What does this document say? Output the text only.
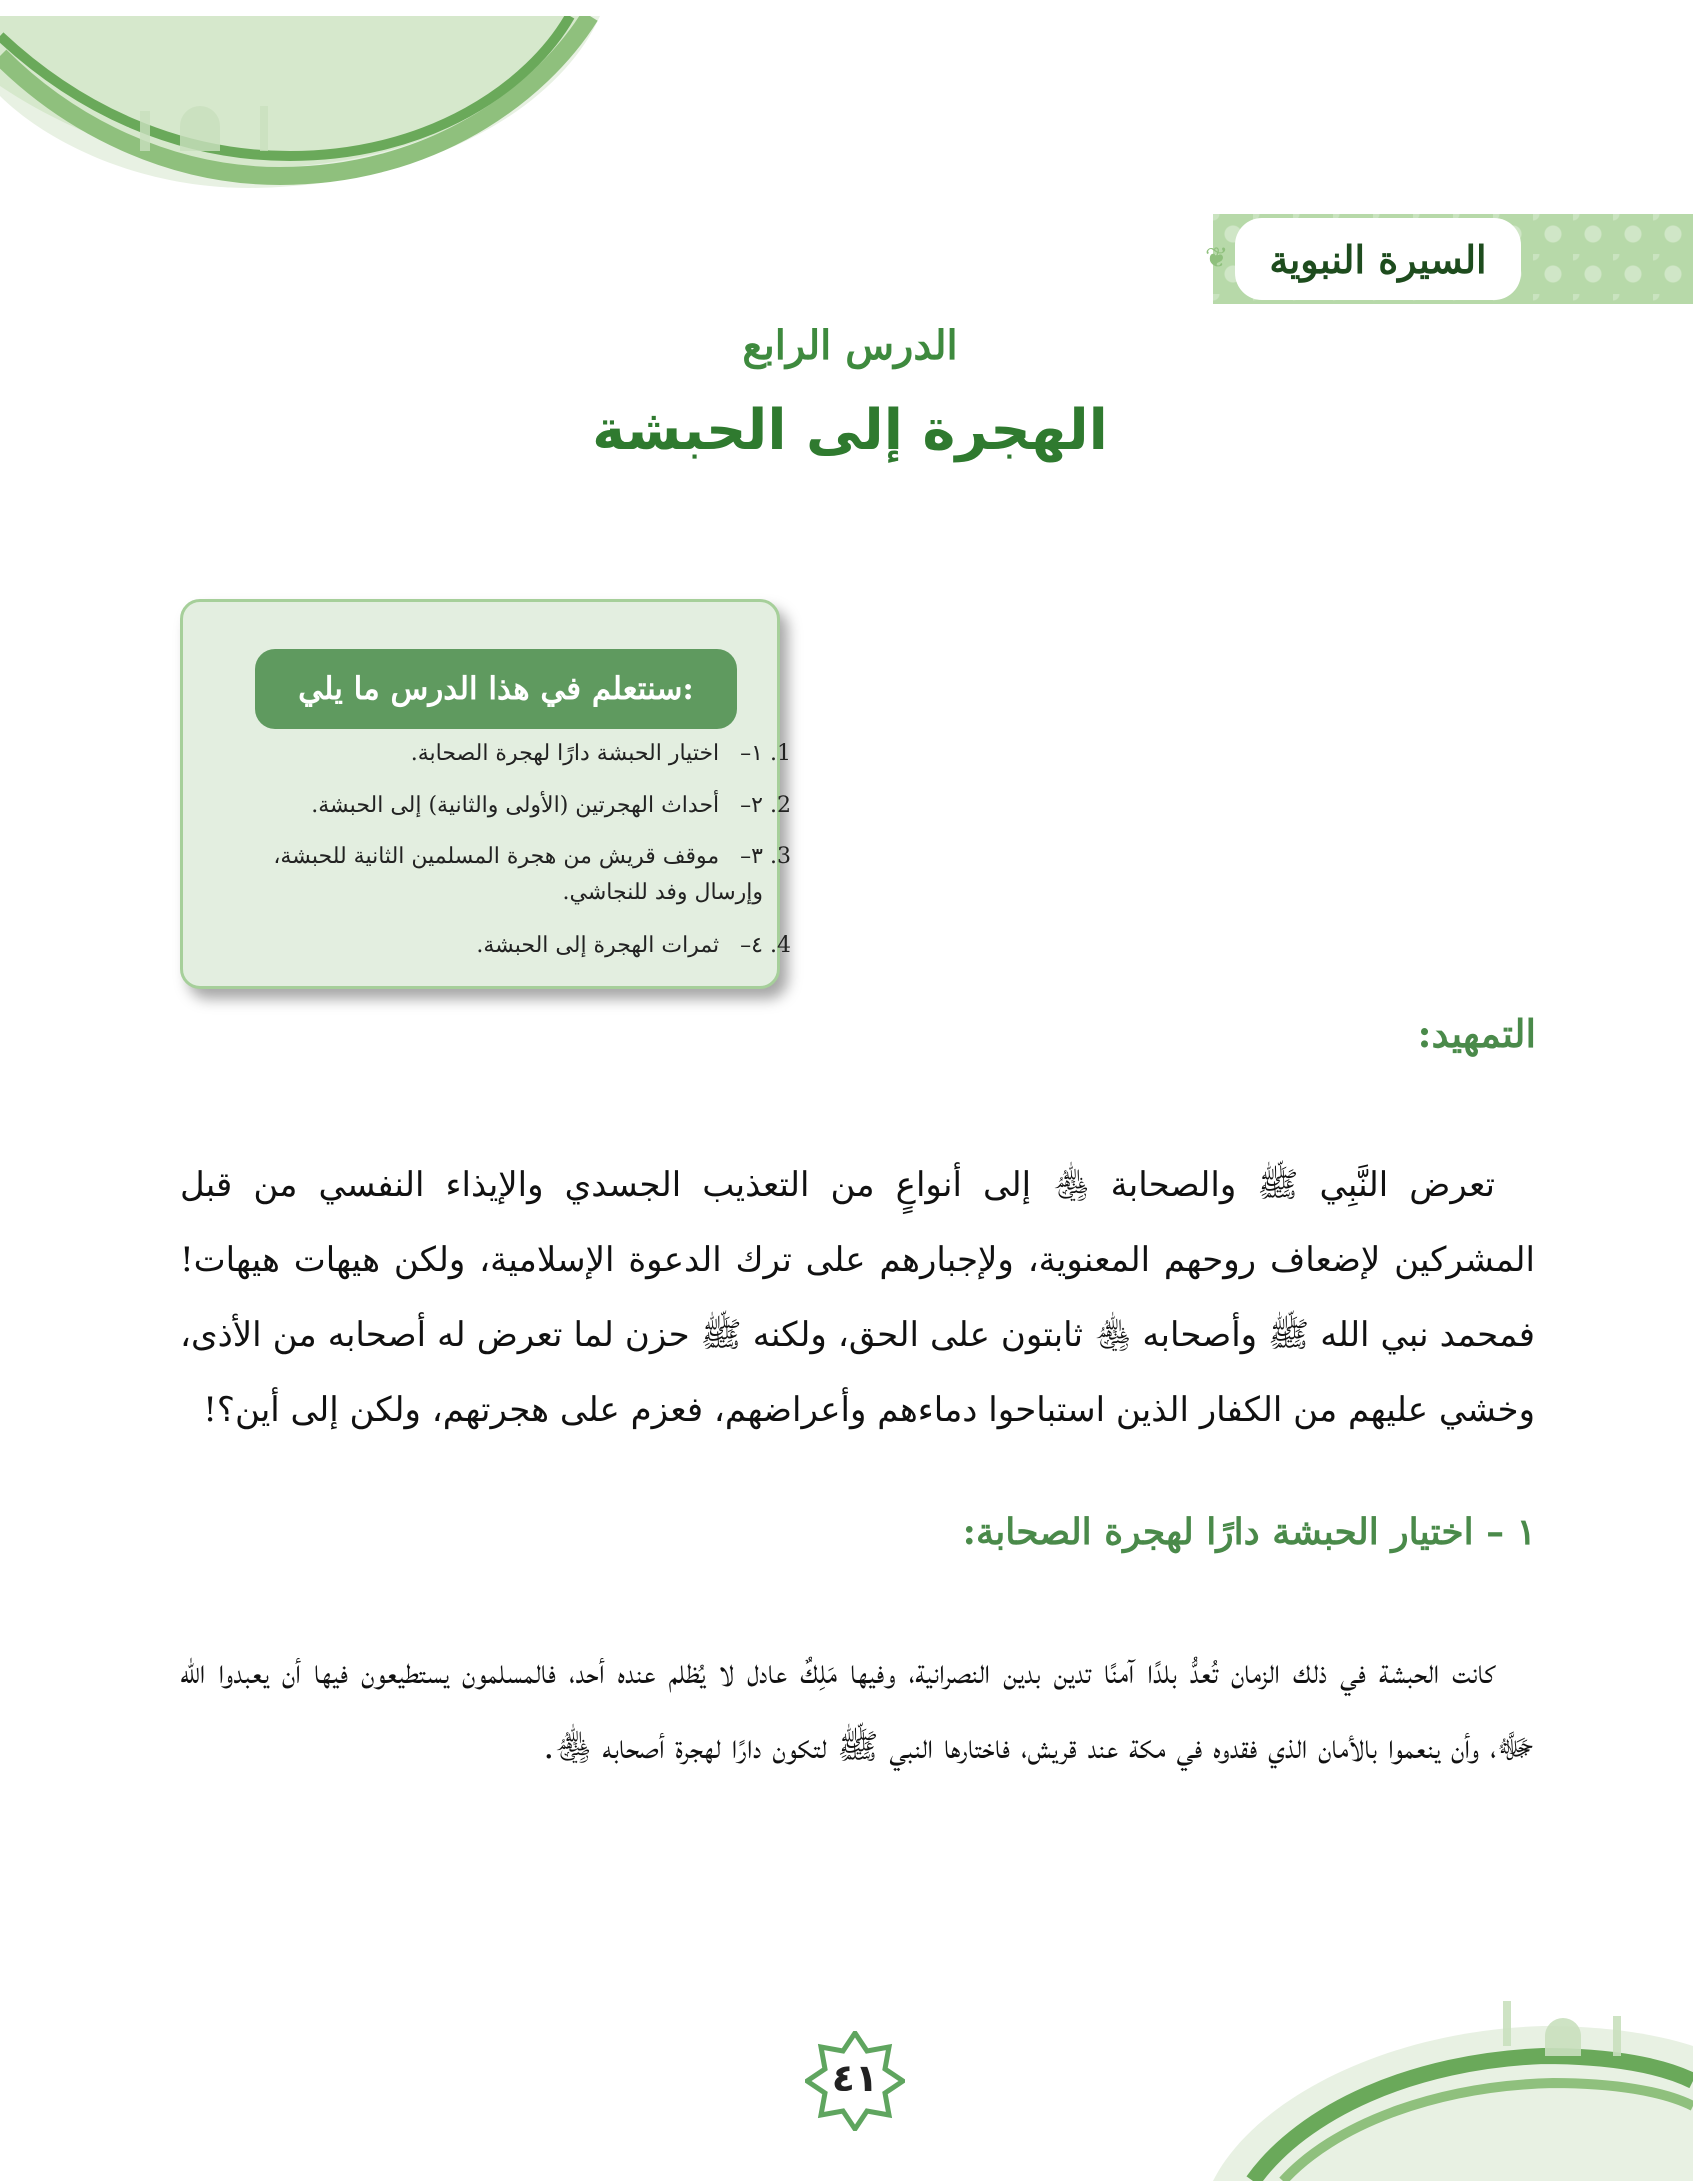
❦ السيرة النبوية
الدرس الرابع
الهجرة إلى الحبشة
سنتعلم في هذا الدرس ما يلي:
1. ١– اختيار الحبشة دارًا لهجرة الصحابة.
2. ٢– أحداث الهجرتين (الأولى والثانية) إلى الحبشة.
3. ٣– موقف قريش من هجرة المسلمين الثانية للحبشة، وإرسال وفد للنجاشي.
4. ٤– ثمرات الهجرة إلى الحبشة.
التمهيد:

تعرض النَّبِي ﷺ والصحابة ﵃ إلى أنواعٍ من التعذيب الجسدي والإيذاء النفسي من قبل المشركين لإضعاف روحهم المعنوية، ولإجبارهم على ترك الدعوة الإسلامية، ولكن هيهات هيهات! فمحمد نبي الله ﷺ وأصحابه ﵃ ثابتون على الحق، ولكنه ﷺ حزن لما تعرض له أصحابه من الأذى، وخشي عليهم من الكفار الذين استباحوا دماءهم وأعراضهم، فعزم على هجرتهم، ولكن إلى أين؟!

١ – اختيار الحبشة دارًا لهجرة الصحابة:

كانت الحبشة في ذلك الزمان تُعدُّ بلدًا آمنًا تدين بدين النصرانية، وفيها مَلِكٌ عادل لا يُظلم عنده أحد، فالمسلمون يستطيعون فيها أن يعبدوا الله ﷻ، وأن ينعموا بالأمان الذي فقدوه في مكة عند قريش، فاختارها النبي ﷺ لتكون دارًا لهجرة أصحابه ﵃.

٤١
